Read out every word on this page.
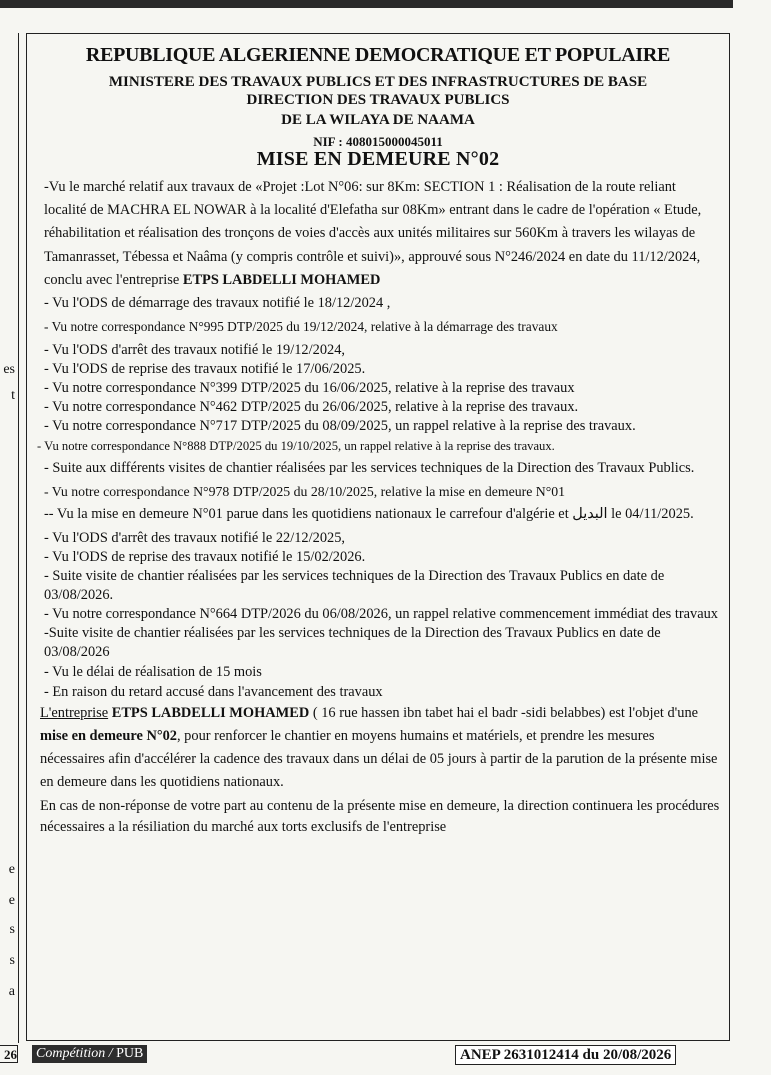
es
t
e
e
s
s
a
REPUBLIQUE ALGERIENNE DEMOCRATIQUE ET POPULAIRE
MINISTERE DES TRAVAUX PUBLICS ET DES INFRASTRUCTURES DE BASE
DIRECTION DES TRAVAUX PUBLICS
DE LA WILAYA DE NAAMA
NIF : 408015000045011
MISE EN DEMEURE N°02

-Vu le marché relatif aux travaux de «Projet :Lot N°06: sur 8Km: SECTION 1 : Réalisation de la route reliant localité de MACHRA EL NOWAR à la localité d'Elefatha sur 08Km» entrant dans le cadre de l'opération « Etude, réhabilitation et réalisation des tronçons de voies d'accès aux unités militaires sur 560Km à travers les wilayas de Tamanrasset, Tébessa et Naâma (y compris contrôle et suivi)», approuvé sous N°246/2024 en date du 11/12/2024, conclu avec l'entreprise ETPS LABDELLI MOHAMED

- Vu l'ODS de démarrage des travaux notifié le 18/12/2024 ,

- Vu notre correspondance N°995 DTP/2025 du 19/12/2024, relative à la démarrage des travaux

- Vu l'ODS d'arrêt des travaux notifié le 19/12/2024,

- Vu l'ODS de reprise des travaux notifié le 17/06/2025.

- Vu notre correspondance N°399 DTP/2025 du 16/06/2025, relative à la reprise des travaux

- Vu notre correspondance N°462 DTP/2025 du 26/06/2025, relative à la reprise des travaux.

- Vu notre correspondance N°717 DTP/2025 du 08/09/2025, un rappel relative à la reprise des travaux.

- Vu notre correspondance N°888 DTP/2025 du 19/10/2025, un rappel relative à la reprise des travaux.

- Suite aux différents visites de chantier réalisées par les services techniques de la Direction des Travaux Publics.

- Vu notre correspondance N°978 DTP/2025 du 28/10/2025, relative la mise en demeure N°01

-- Vu la mise en demeure N°01 parue dans les quotidiens nationaux le carrefour d'algérie et البديل le 04/11/2025.

- Vu l'ODS d'arrêt des travaux notifié le 22/12/2025,

- Vu l'ODS de reprise des travaux notifié le 15/02/2026.

- Suite visite de chantier réalisées par les services techniques de la Direction des Travaux Publics en date de 03/08/2026.

- Vu notre correspondance N°664 DTP/2026 du 06/08/2026, un rappel relative commencement immédiat des travaux

-Suite visite de chantier réalisées par les services techniques de la Direction des Travaux Publics en date de 03/08/2026

- Vu le délai de réalisation de 15 mois

- En raison du retard accusé dans l'avancement des travaux

L'entreprise ETPS LABDELLI MOHAMED ( 16 rue hassen ibn tabet hai el badr -sidi belabbes) est l'objet d'une mise en demeure N°02, pour renforcer le chantier en moyens humains et matériels, et prendre les mesures nécessaires afin d'accélérer la cadence des travaux dans un délai de 05 jours à partir de la parution de la présente mise en demeure dans les quotidiens nationaux.

En cas de non-réponse de votre part au contenu de la présente mise en demeure, la direction continuera les procédures nécessaires a la résiliation du marché aux torts exclusifs de l'entreprise

26 Compétition / PUB	ANEP 2631012414 du 20/08/2026
